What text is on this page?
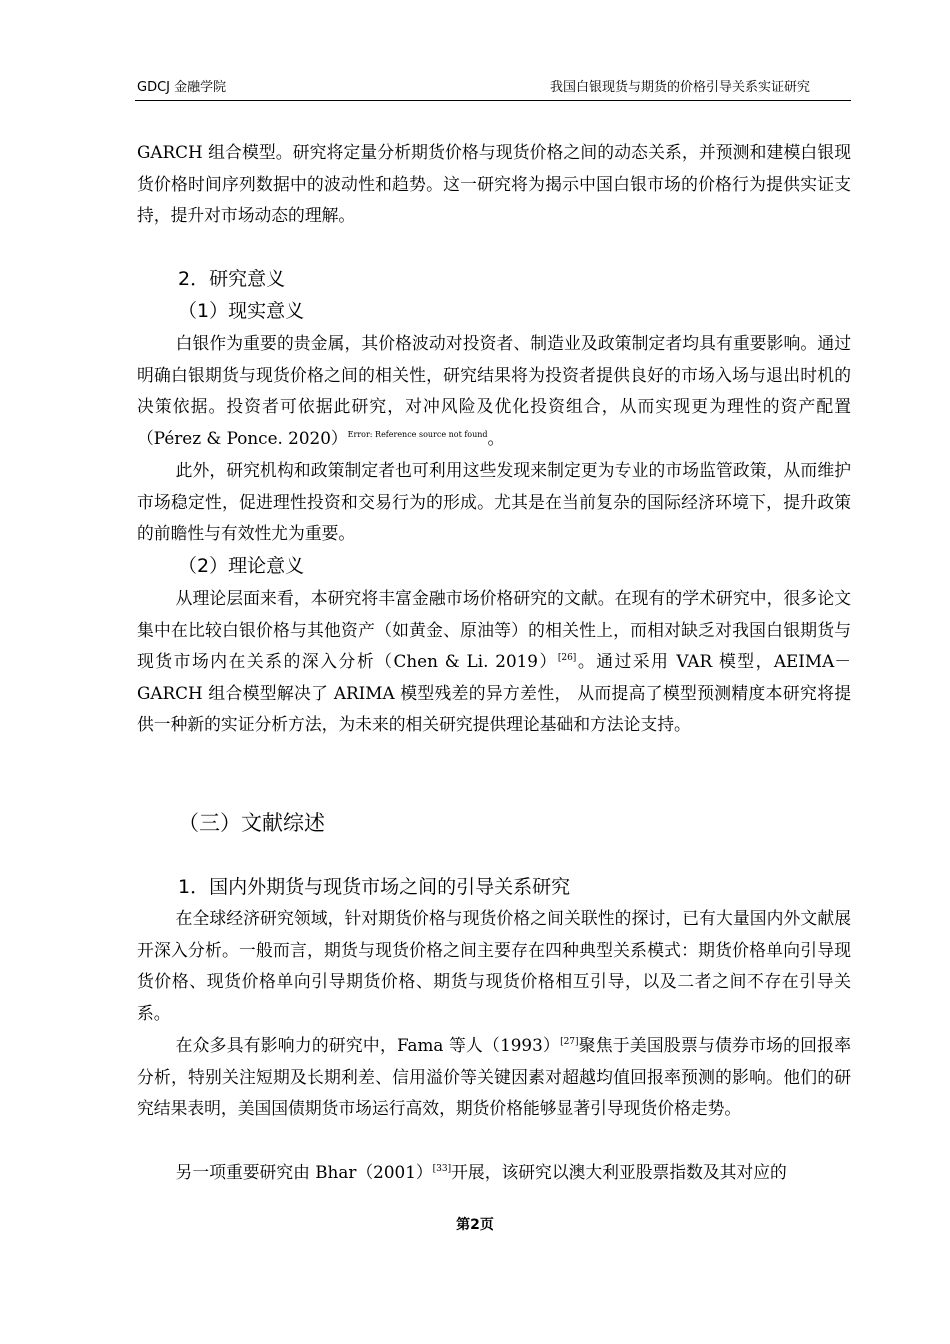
GDCJ 金融学院	我国白银现货与期货的价格引导关系实证研究

GARCH 组合模型。研究将定量分析期货价格与现货价格之间的动态关系，并预测和建模白银现货价格时间序列数据中的波动性和趋势。这一研究将为揭示中国白银市场的价格行为提供实证支持，提升对市场动态的理解。

2．研究意义
（1）现实意义

白银作为重要的贵金属，其价格波动对投资者、制造业及政策制定者均具有重要影响。通过明确白银期货与现货价格之间的相关性，研究结果将为投资者提供良好的市场入场与退出时机的决策依据。投资者可依据此研究，对冲风险及优化投资组合，从而实现更为理性的资产配置（Pérez & Ponce. 2020）$^{Error: Reference source not found}$。

此外，研究机构和政策制定者也可利用这些发现来制定更为专业的市场监管政策，从而维护市场稳定性，促进理性投资和交易行为的形成。尤其是在当前复杂的国际经济环境下，提升政策的前瞻性与有效性尤为重要。

（2）理论意义

从理论层面来看，本研究将丰富金融市场价格研究的文献。在现有的学术研究中，很多论文集中在比较白银价格与其他资产（如黄金、原油等）的相关性上，而相对缺乏对我国白银期货与现货市场内在关系的深入分析（Chen & Li. 2019）[26]。通过采用 VAR 模型，AEIMA－GARCH 组合模型解决了 ARIMA 模型残差的异方差性， 从而提高了模型预测精度本研究将提供一种新的实证分析方法，为未来的相关研究提供理论基础和方法论支持。

（三）文献综述
1．国内外期货与现货市场之间的引导关系研究

在全球经济研究领域，针对期货价格与现货价格之间关联性的探讨，已有大量国内外文献展开深入分析。一般而言，期货与现货价格之间主要存在四种典型关系模式：期货价格单向引导现货价格、现货价格单向引导期货价格、期货与现货价格相互引导，以及二者之间不存在引导关系。

在众多具有影响力的研究中，Fama 等人（1993）[27]聚焦于美国股票与债券市场的回报率分析，特别关注短期及长期利差、信用溢价等关键因素对超越均值回报率预测的影响。他们的研究结果表明，美国国债期货市场运行高效，期货价格能够显著引导现货价格走势。

另一项重要研究由 Bhar（2001）[33]开展，该研究以澳大利亚股票指数及其对应的

第2页
